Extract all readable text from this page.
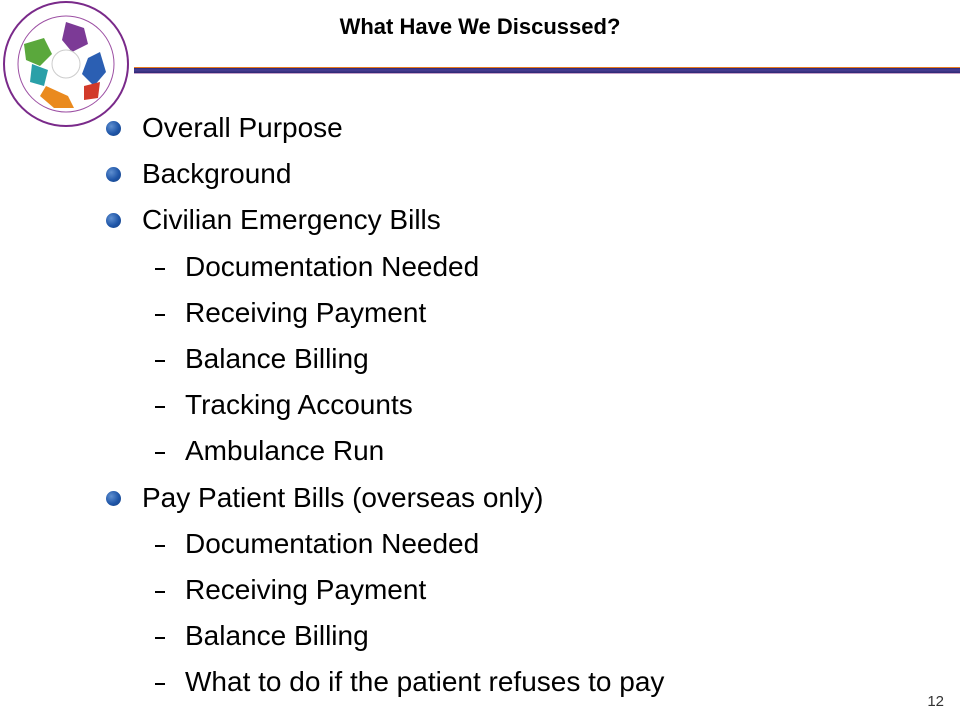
What Have We Discussed?
Overall Purpose
Background
Civilian Emergency Bills
Documentation Needed
Receiving Payment
Balance Billing
Tracking Accounts
Ambulance Run
Pay Patient Bills (overseas only)
Documentation Needed
Receiving Payment
Balance Billing
What to do if the patient refuses to pay
12
